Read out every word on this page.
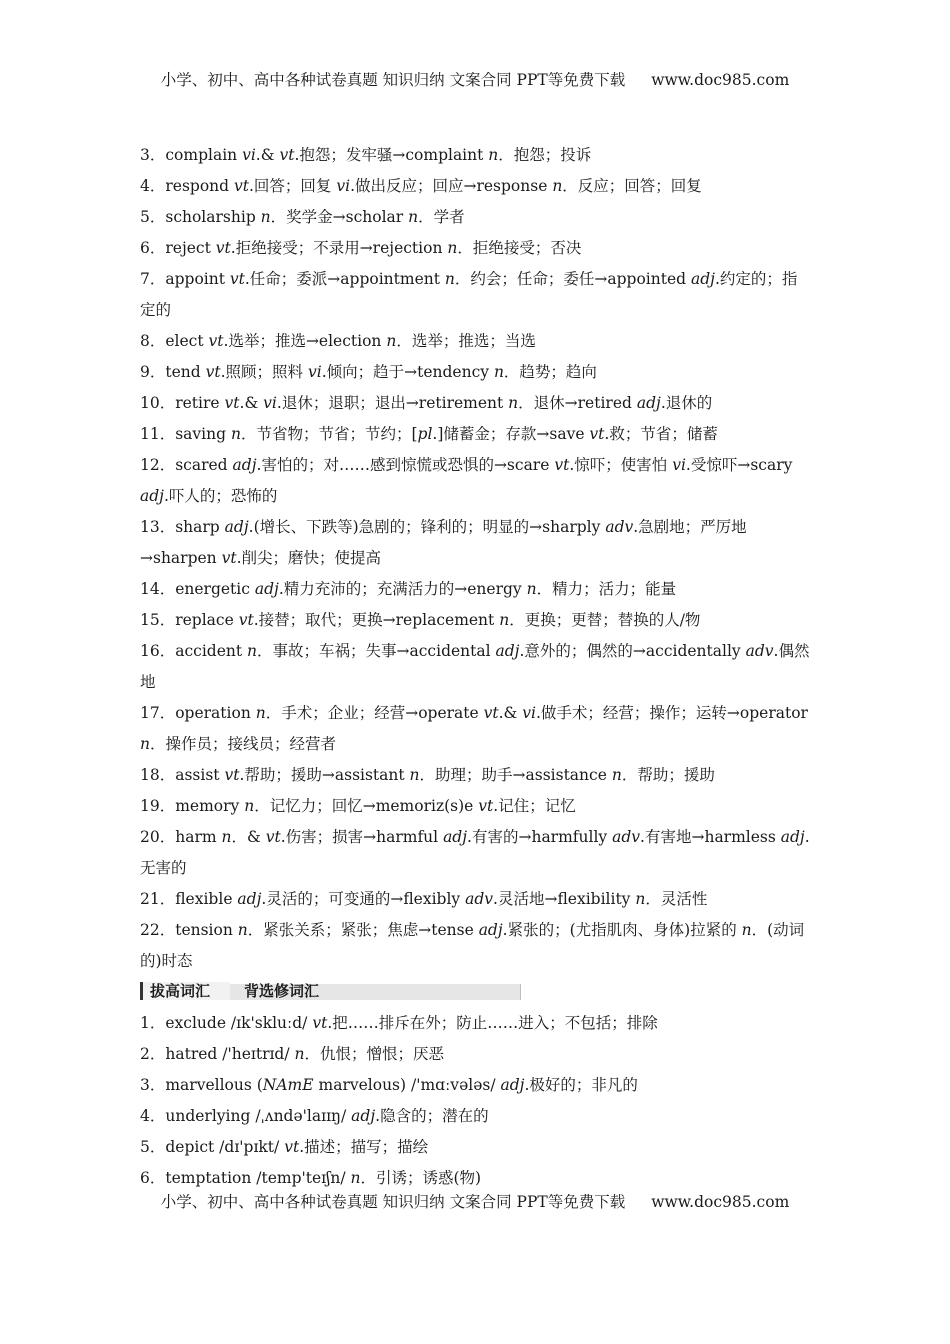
小学、初中、高中各种试卷真题 知识归纳 文案合同 PPT等免费下载 www.doc985.com

3．complain vi.& vt.抱怨；发牢骚→complaint n．抱怨；投诉

4．respond vt.回答；回复 vi.做出反应；回应→response n．反应；回答；回复

5．scholarship n．奖学金→scholar n．学者

6．reject vt.拒绝接受；不录用→rejection n．拒绝接受；否决

7．appoint vt.任命；委派→appointment n．约会；任命；委任→appointed adj.约定的；指定的

8．elect vt.选举；推选→election n．选举；推选；当选

9．tend vt.照顾；照料 vi.倾向；趋于→tendency n．趋势；趋向

10．retire vt.& vi.退休；退职；退出→retirement n．退休→retired adj.退休的

11．saving n．节省物；节省；节约；[pl.]储蓄金；存款→save vt.救；节省；储蓄

12．scared adj.害怕的；对……感到惊慌或恐惧的→scare vt.惊吓；使害怕 vi.受惊吓→scary adj.吓人的；恐怖的

13．sharp adj.(增长、下跌等)急剧的；锋利的；明显的→sharply adv.急剧地；严厉地→sharpen vt.削尖；磨快；使提高

14．energetic adj.精力充沛的；充满活力的→energy n．精力；活力；能量

15．replace vt.接替；取代；更换→replacement n．更换；更替；替换的人/物

16．accident n．事故；车祸；失事→accidental adj.意外的；偶然的→accidentally adv.偶然地

17．operation n．手术；企业；经营→operate vt.& vi.做手术；经营；操作；运转→operator n．操作员；接线员；经营者

18．assist vt.帮助；援助→assistant n．助理；助手→assistance n．帮助；援助

19．memory n．记忆力；回忆→memoriz(s)e vt.记住；记忆

20．harm n．& vt.伤害；损害→harmful adj.有害的→harmfully adv.有害地→harmless adj.无害的

21．flexible adj.灵活的；可变通的→flexibly adv.灵活地→flexibility n．灵活性

22．tension n．紧张关系；紧张；焦虑→tense adj.紧张的；(尤指肌肉、身体)拉紧的 n．(动词的)时态

拔高词汇	背选修词汇

1．exclude /ɪk'skluːd/ vt.把……排斥在外；防止……进入；不包括；排除

2．hatred /'heɪtrɪd/ n．仇恨；憎恨；厌恶

3．marvellous (NAmE marvelous) /'mɑːvələs/ adj.极好的；非凡的

4．underlying /ˌʌndə'laɪɪŋ/ adj.隐含的；潜在的

5．depict /dɪ'pɪkt/ vt.描述；描写；描绘

6．temptation /temp'teɪʃn/ n．引诱；诱惑(物)

小学、初中、高中各种试卷真题 知识归纳 文案合同 PPT等免费下载 www.doc985.com
